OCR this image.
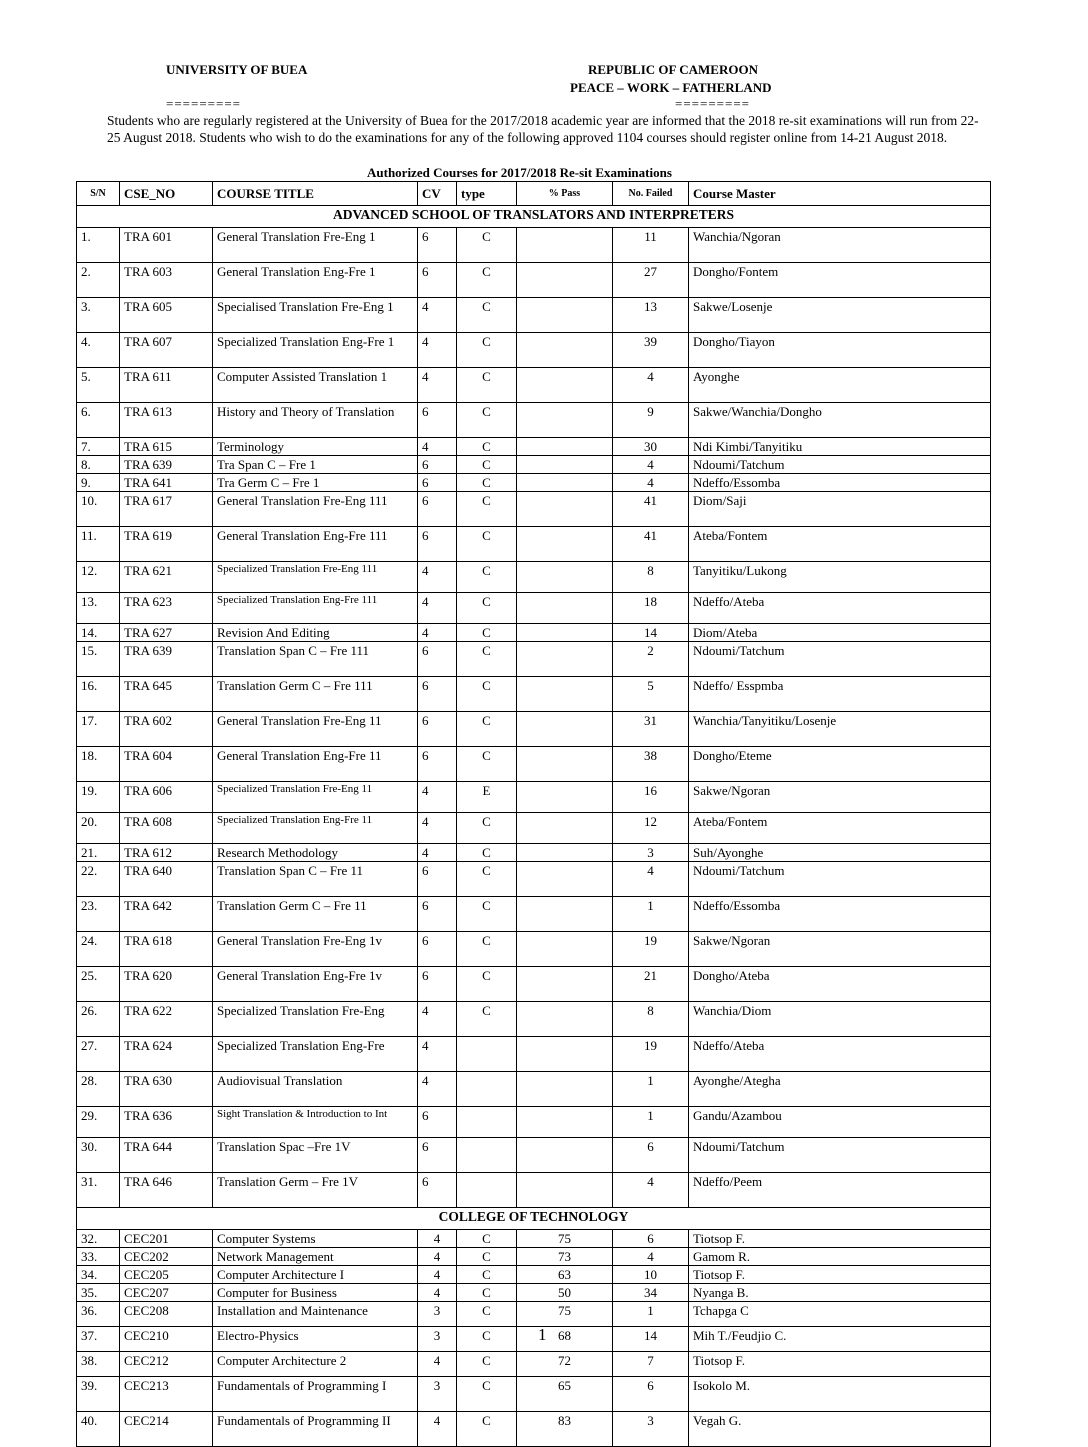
UNIVERSITY OF BUEA	REPUBLIC OF CAMEROON
PEACE – WORK – FATHERLAND
=========	=========
Students who are regularly registered at the University of Buea for the 2017/2018 academic year are informed that the 2018 re-sit examinations will run from 22-25 August 2018. Students who wish to do the examinations for any of the following approved 1104 courses should register online from 14-21 August 2018.
Authorized Courses for 2017/2018 Re-sit Examinations
S/N	CSE_NO	COURSE TITLE	CV	type	% Pass	No. Failed	Course Master
ADVANCED SCHOOL OF TRANSLATORS AND INTERPRETERS							
1.	TRA 601	General Translation Fre-Eng 1	6	C		11	Wanchia/Ngoran
2.	TRA 603	General Translation Eng-Fre 1	6	C		27	Dongho/Fontem
3.	TRA 605	Specialised Translation Fre-Eng 1	4	C		13	Sakwe/Losenje
4.	TRA 607	Specialized Translation Eng-Fre 1	4	C		39	Dongho/Tiayon
5.	TRA 611	Computer Assisted Translation 1	4	C		4	Ayonghe
6.	TRA 613	History and Theory of Translation	6	C		9	Sakwe/Wanchia/Dongho
7.	TRA 615	Terminology	4	C		30	Ndi Kimbi/Tanyitiku
8.	TRA 639	Tra Span C – Fre 1	6	C		4	Ndoumi/Tatchum
9.	TRA 641	Tra Germ C – Fre 1	6	C		4	Ndeffo/Essomba
10.	TRA 617	General Translation Fre-Eng 111	6	C		41	Diom/Saji
11.	TRA 619	General Translation Eng-Fre 111	6	C		41	Ateba/Fontem
12.	TRA 621	Specialized Translation Fre-Eng 111	4	C		8	Tanyitiku/Lukong
13.	TRA 623	Specialized Translation Eng-Fre 111	4	C		18	Ndeffo/Ateba
14.	TRA 627	Revision And Editing	4	C		14	Diom/Ateba
15.	TRA 639	Translation Span C – Fre 111	6	C		2	Ndoumi/Tatchum
16.	TRA 645	Translation Germ C – Fre 111	6	C		5	Ndeffo/ Esspmba
17.	TRA 602	General Translation Fre-Eng 11	6	C		31	Wanchia/Tanyitiku/Losenje
18.	TRA 604	General Translation Eng-Fre 11	6	C		38	Dongho/Eteme
19.	TRA 606	Specialized Translation Fre-Eng 11	4	E		16	Sakwe/Ngoran
20.	TRA 608	Specialized Translation Eng-Fre 11	4	C		12	Ateba/Fontem
21.	TRA 612	Research Methodology	4	C		3	Suh/Ayonghe
22.	TRA 640	Translation Span C – Fre 11	6	C		4	Ndoumi/Tatchum
23.	TRA 642	Translation Germ C – Fre 11	6	C		1	Ndeffo/Essomba
24.	TRA 618	General Translation Fre-Eng 1v	6	C		19	Sakwe/Ngoran
25.	TRA 620	General Translation Eng-Fre 1v	6	C		21	Dongho/Ateba
26.	TRA 622	Specialized Translation Fre-Eng	4	C		8	Wanchia/Diom
27.	TRA 624	Specialized Translation Eng-Fre	4			19	Ndeffo/Ateba
28.	TRA 630	Audiovisual Translation	4			1	Ayonghe/Ategha
29.	TRA 636	Sight Translation & Introduction to Int	6			1	Gandu/Azambou
30.	TRA 644	Translation Spac –Fre 1V	6			6	Ndoumi/Tatchum
31.	TRA 646	Translation Germ – Fre 1V	6			4	Ndeffo/Peem
COLLEGE OF TECHNOLOGY							
32.	CEC201	Computer Systems	4	C	75	6	Tiotsop F.
33.	CEC202	Network Management	4	C	73	4	Gamom R.
34.	CEC205	Computer Architecture I	4	C	63	10	Tiotsop F.
35.	CEC207	Computer for Business	4	C	50	34	Nyanga B.
36.	CEC208	Installation and Maintenance	3	C	75	1	Tchapga C
37.	CEC210	Electro-Physics	3	C	68	14	Mih T./Feudjio C.
38.	CEC212	Computer Architecture 2	4	C	72	7	Tiotsop F.
39.	CEC213	Fundamentals of Programming I	3	C	65	6	Isokolo M.
40.	CEC214	Fundamentals of Programming II	4	C	83	3	Vegah G.
1
